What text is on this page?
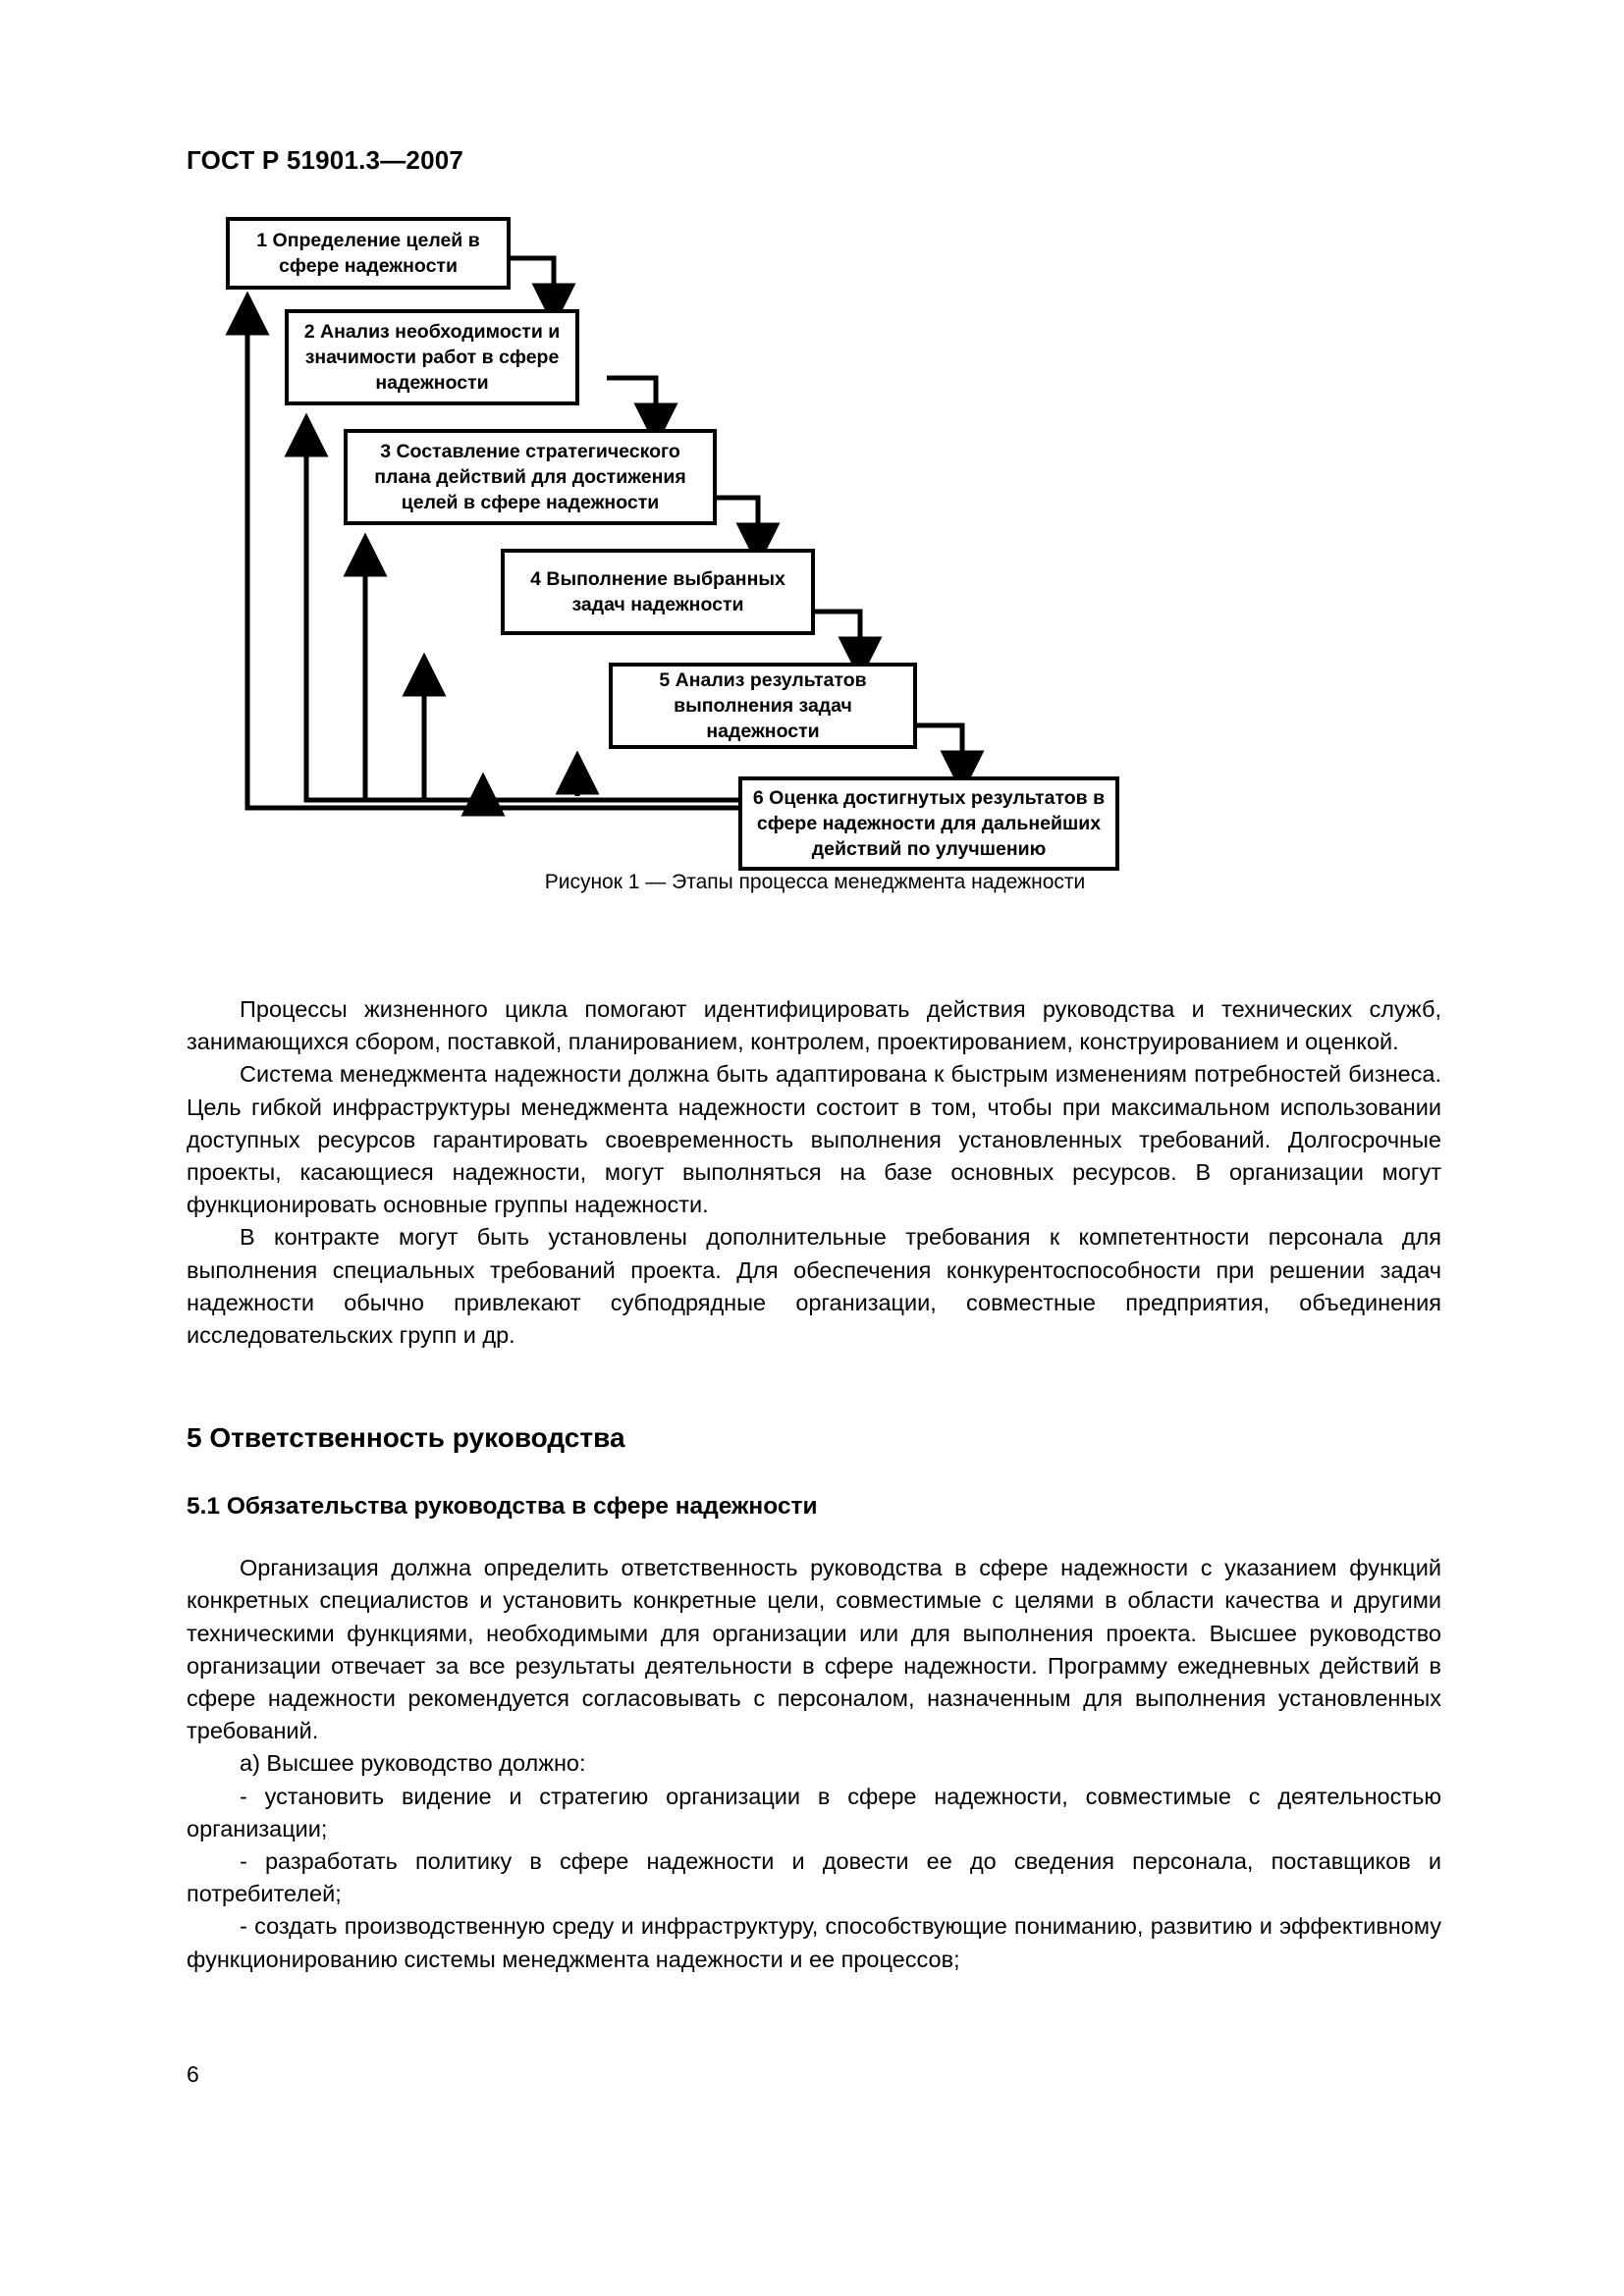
ГОСТ Р 51901.3—2007
1 Определение целей в сфере надежности
2 Анализ необходимости и значимости работ в сфере надежности
3 Составление стратегического плана действий для достижения целей в сфере надежности
4 Выполнение выбранных задач надежности
5 Анализ результатов выполнения задач надежности
6 Оценка достигнутых результатов в сфере надежности для дальнейших действий по улучшению
Рисунок 1 — Этапы процесса менеджмента надежности

Процессы жизненного цикла помогают идентифицировать действия руководства и технических служб, занимающихся сбором, поставкой, планированием, контролем, проектированием, конструированием и оценкой.

Система менеджмента надежности должна быть адаптирована к быстрым изменениям потребностей бизнеса. Цель гибкой инфраструктуры менеджмента надежности состоит в том, чтобы при максимальном использовании доступных ресурсов гарантировать своевременность выполнения установленных требований. Долгосрочные проекты, касающиеся надежности, могут выполняться на базе основных ресурсов. В организации могут функционировать основные группы надежности.

В контракте могут быть установлены дополнительные требования к компетентности персонала для выполнения специальных требований проекта. Для обеспечения конкурентоспособности при решении задач надежности обычно привлекают субподрядные организации, совместные предприятия, объединения исследовательских групп и др.

5 Ответственность руководства
5.1 Обязательства руководства в сфере надежности

Организация должна определить ответственность руководства в сфере надежности с указанием функций конкретных специалистов и установить конкретные цели, совместимые с целями в области качества и другими техническими функциями, необходимыми для организации или для выполнения проекта. Высшее руководство организации отвечает за все результаты деятельности в сфере надежности. Программу ежедневных действий в сфере надежности рекомендуется согласовывать с персоналом, назначенным для выполнения установленных требований.

а) Высшее руководство должно:

- установить видение и стратегию организации в сфере надежности, совместимые с деятельностью организации;

- разработать политику в сфере надежности и довести ее до сведения персонала, поставщиков и потребителей;

- создать производственную среду и инфраструктуру, способствующие пониманию, развитию и эффективному функционированию системы менеджмента надежности и ее процессов;

6
